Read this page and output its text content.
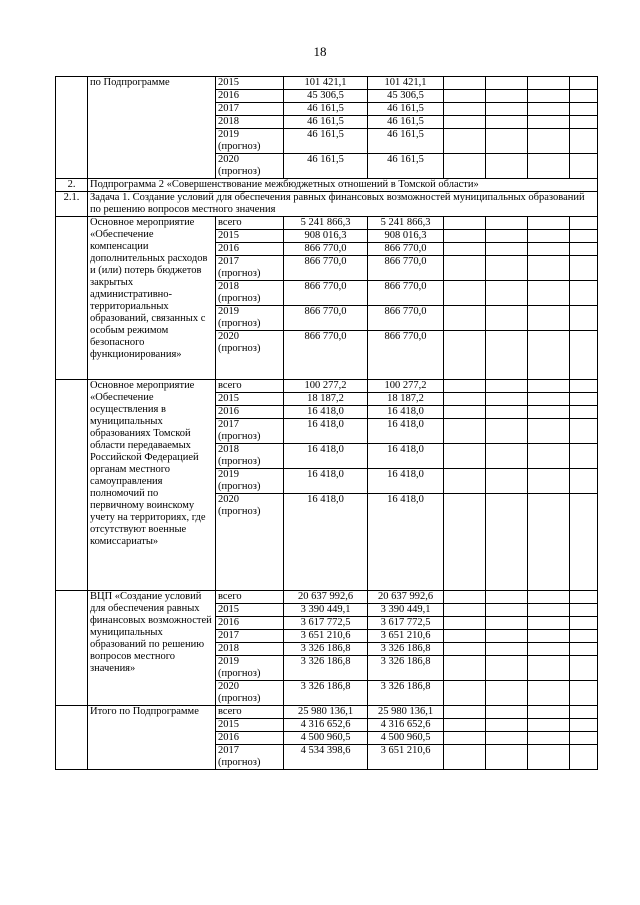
18
	по Подпрограмме	2015	101 421,1	101 421,1				
		2016	45 306,5	45 306,5				
		2017	46 161,5	46 161,5				
		2018	46 161,5	46 161,5				
		2019 (прогноз)	46 161,5	46 161,5				
		2020 (прогноз)	46 161,5	46 161,5				
2.	Подпрограмма 2 «Совершенствование межбюджетных отношений в Томской области»							
2.1.	Задача 1. Создание условий для обеспечения равных финансовых возможностей муниципальных образований по решению вопросов местного значения							
	Основное мероприятие «Обеспечение компенсации дополнительных расходов и (или) потерь бюджетов закрытых административно-территориальных образований, связанных с особым режимом безопасного функционирования»	всего	5 241 866,3	5 241 866,3				
		2015	908 016,3	908 016,3				
		2016	866 770,0	866 770,0				
		2017 (прогноз)	866 770,0	866 770,0				
		2018 (прогноз)	866 770,0	866 770,0				
		2019 (прогноз)	866 770,0	866 770,0				
		2020 (прогноз)	866 770,0	866 770,0				
	Основное мероприятие «Обеспечение осуществления в муниципальных образованиях Томской области передаваемых Российской Федерацией органам местного самоуправления полномочий по первичному воинскому учету на территориях, где отсутствуют военные комиссариаты»	всего	100 277,2	100 277,2				
		2015	18 187,2	18 187,2				
		2016	16 418,0	16 418,0				
		2017 (прогноз)	16 418,0	16 418,0				
		2018 (прогноз)	16 418,0	16 418,0				
		2019 (прогноз)	16 418,0	16 418,0				
		2020 (прогноз)	16 418,0	16 418,0				
	ВЦП «Создание условий для обеспечения равных финансовых возможностей муниципальных образований по решению вопросов местного значения»	всего	20 637 992,6	20 637 992,6				
		2015	3 390 449,1	3 390 449,1				
		2016	3 617 772,5	3 617 772,5				
		2017	3 651 210,6	3 651 210,6				
		2018	3 326 186,8	3 326 186,8				
		2019 (прогноз)	3 326 186,8	3 326 186,8				
		2020 (прогноз)	3 326 186,8	3 326 186,8				
	Итого по Подпрограмме	всего	25 980 136,1	25 980 136,1				
		2015	4 316 652,6	4 316 652,6				
		2016	4 500 960,5	4 500 960,5				
		2017 (прогноз)	4 534 398,6	3 651 210,6				
